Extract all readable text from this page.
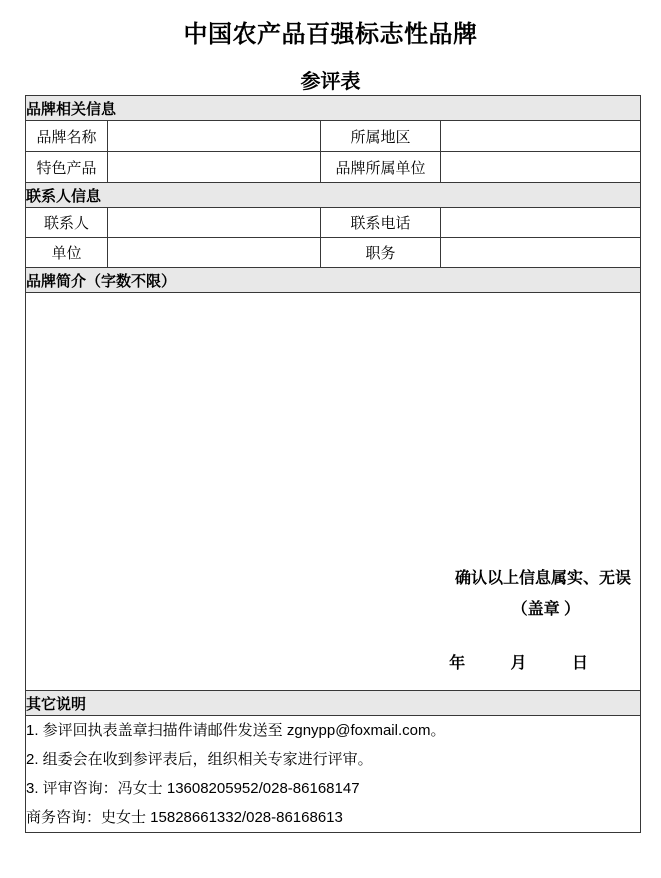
中国农产品百强标志性品牌
参评表
品牌相关信息			
品牌名称		所属地区	
特色产品		品牌所属单位	
联系人信息			
联系人		联系电话	
单位		职务	
品牌简介（字数不限）			

确认以上信息属实、无误
（盖章 ）
年 月 日			

其它说明			

1. 参评回执表盖章扫描件请邮件发送至 zgnypp@foxmail.com。
2. 组委会在收到参评表后，组织相关专家进行评审。
3. 评审咨询：冯女士 13608205952/028-86168147
商务咨询：史女士 15828661332/028-86168613			
